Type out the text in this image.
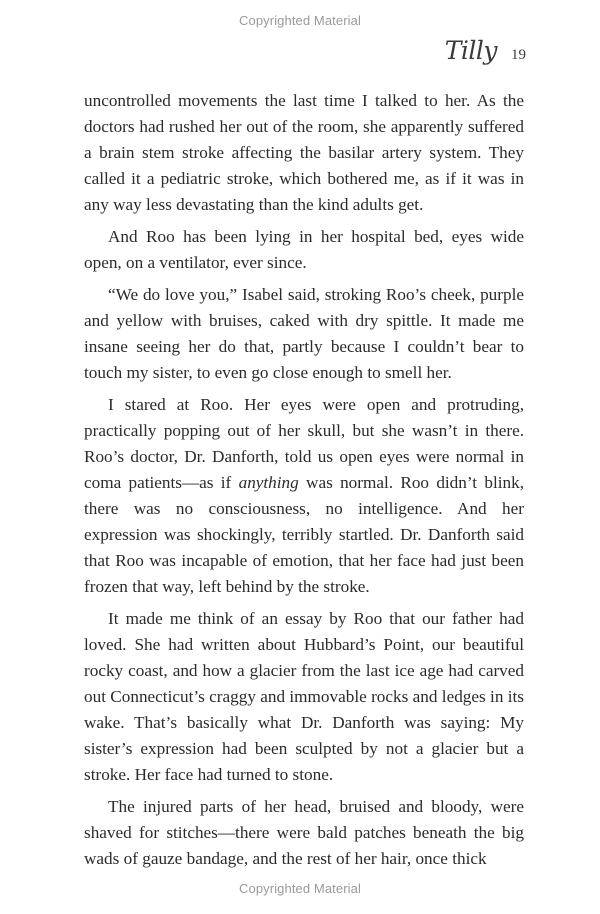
Copyrighted Material
Tilly 19

uncontrolled movements the last time I talked to her. As the doctors had rushed her out of the room, she apparently suffered a brain stem stroke affecting the basilar artery system. They called it a pediatric stroke, which bothered me, as if it was in any way less devastating than the kind adults get.

And Roo has been lying in her hospital bed, eyes wide open, on a ventilator, ever since.

“We do love you,” Isabel said, stroking Roo’s cheek, purple and yellow with bruises, caked with dry spittle. It made me insane seeing her do that, partly because I couldn’t bear to touch my sister, to even go close enough to smell her.

I stared at Roo. Her eyes were open and protruding, practically popping out of her skull, but she wasn’t in there. Roo’s doctor, Dr. Danforth, told us open eyes were normal in coma patients—as if anything was normal. Roo didn’t blink, there was no consciousness, no intelligence. And her expression was shockingly, terribly startled. Dr. Danforth said that Roo was incapable of emotion, that her face had just been frozen that way, left behind by the stroke.

It made me think of an essay by Roo that our father had loved. She had written about Hubbard’s Point, our beautiful rocky coast, and how a glacier from the last ice age had carved out Connecticut’s craggy and immovable rocks and ledges in its wake. That’s basically what Dr. Danforth was saying: My sister’s expression had been sculpted by not a glacier but a stroke. Her face had turned to stone.

The injured parts of her head, bruised and bloody, were shaved for stitches—there were bald patches beneath the big wads of gauze bandage, and the rest of her hair, once thick

Copyrighted Material
